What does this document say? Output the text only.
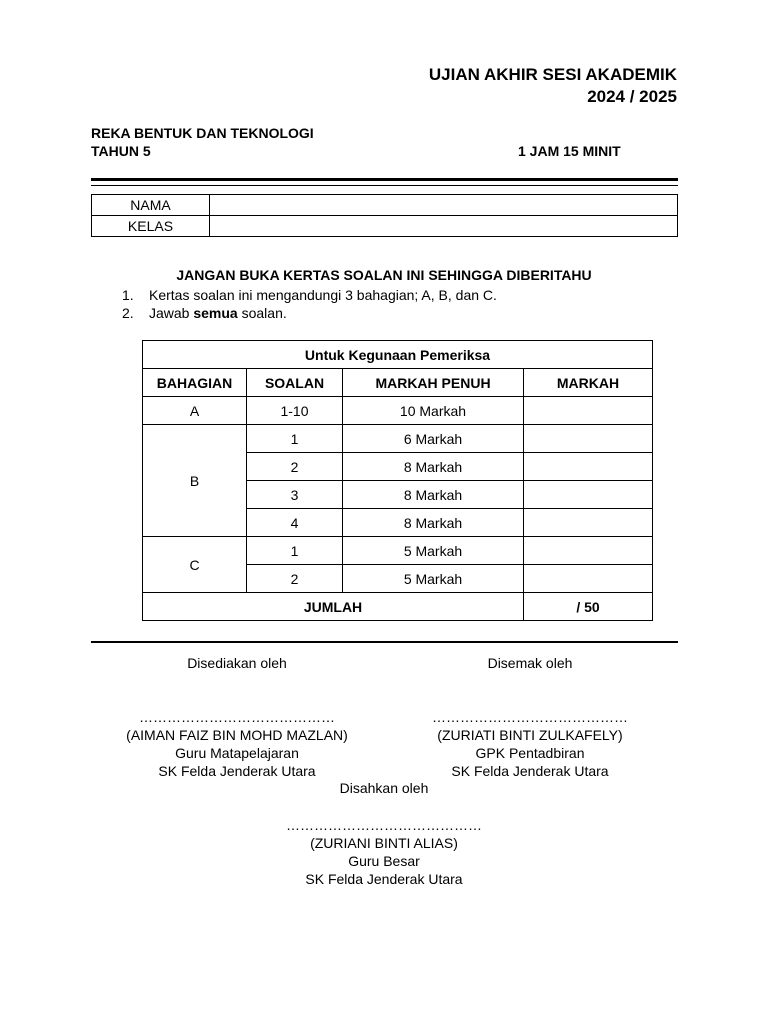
UJIAN AKHIR SESI AKADEMIK
2024 / 2025
REKA BENTUK DAN TEKNOLOGI
TAHUN 5	1 JAM 15 MINIT
NAMA	
KELAS	
JANGAN BUKA KERTAS SOALAN INI SEHINGGA DIBERITAHU
1.	Kertas soalan ini mengandungi 3 bahagian; A, B, dan C.
2.	Jawab semua soalan.
Untuk Kegunaan Pemeriksa			
BAHAGIAN	SOALAN	MARKAH PENUH	MARKAH
A	1-10	10 Markah	
B	1	6 Markah	
	2	8 Markah	
	3	8 Markah	
	4	8 Markah	
C	1	5 Markah	
	2	5 Markah	
JUMLAH			/ 50
Disediakan oleh	Disemak oleh
……………………………………
(AIMAN FAIZ BIN MOHD MAZLAN)
Guru Matapelajaran
SK Felda Jenderak Utara
……………………………………
(ZURIATI BINTI ZULKAFELY)
GPK Pentadbiran
SK Felda Jenderak Utara
Disahkan oleh
……………………………………
(ZURIANI BINTI ALIAS)
Guru Besar
SK Felda Jenderak Utara
